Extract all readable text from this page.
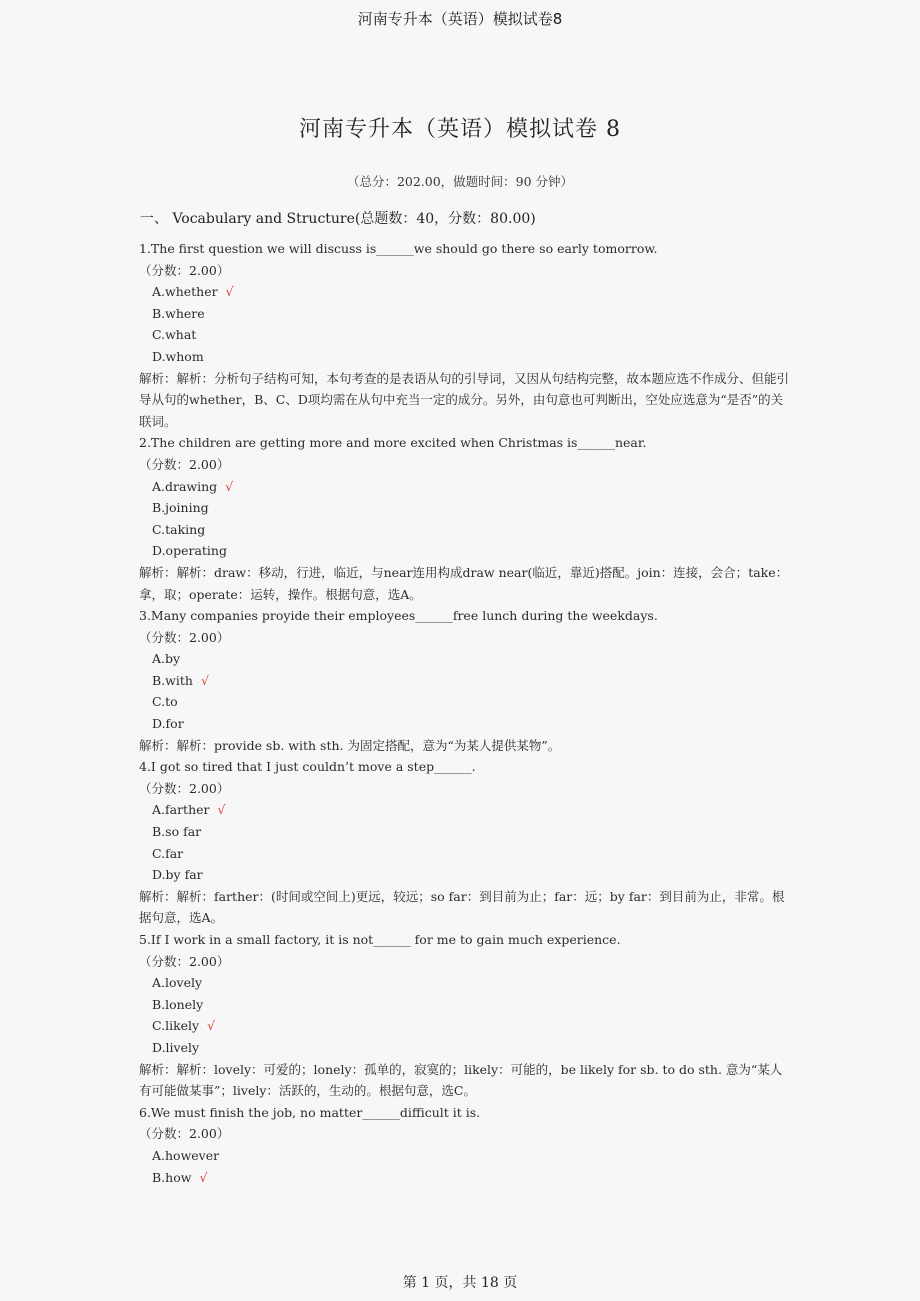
河南专升本（英语）模拟试卷8
河南专升本（英语）模拟试卷 8
（总分：202.00，做题时间：90 分钟）
一、 Vocabulary and Structure(总题数：40，分数：80.00)
1.The first question we will discuss is______we should go there so early tomorrow.
（分数：2.00）
A.whether √
B.where
C.what
D.whom
解析：解析：分析句子结构可知，本句考查的是表语从句的引导词，又因从句结构完整，故本题应选不作成分、但能引导从句的whether，B、C、D项均需在从句中充当一定的成分。另外，由句意也可判断出，空处应选意为“是否”的关联词。
2.The children are getting more and more excited when Christmas is______near.
（分数：2.00）
A.drawing √
B.joining
C.taking
D.operating
解析：解析：draw：移动，行进，临近，与near连用构成draw near(临近，靠近)搭配。join：连接，会合；take：拿，取；operate：运转，操作。根据句意，选A。
3.Many companies proyide their employees______free lunch during the weekdays.
（分数：2.00）
A.by
B.with √
C.to
D.for
解析：解析：provide sb. with sth. 为固定搭配，意为“为某人提供某物”。
4.I got so tired that I just couldn’t move a step______.
（分数：2.00）
A.farther √
B.so far
C.far
D.by far
解析：解析：farther：(时间或空间上)更远，较远；so far：到目前为止；far：远；by far：到目前为止，非常。根据句意，选A。
5.If I work in a small factory, it is not______ for me to gain much experience.
（分数：2.00）
A.lovely
B.lonely
C.likely √
D.lively
解析：解析：lovely：可爱的；lonely：孤单的，寂寞的；likely：可能的，be likely for sb. to do sth. 意为“某人有可能做某事”；lively：活跃的，生动的。根据句意，选C。
6.We must finish the job, no matter______difficult it is.
（分数：2.00）
A.however
B.how √
第 1 页，共 18 页
